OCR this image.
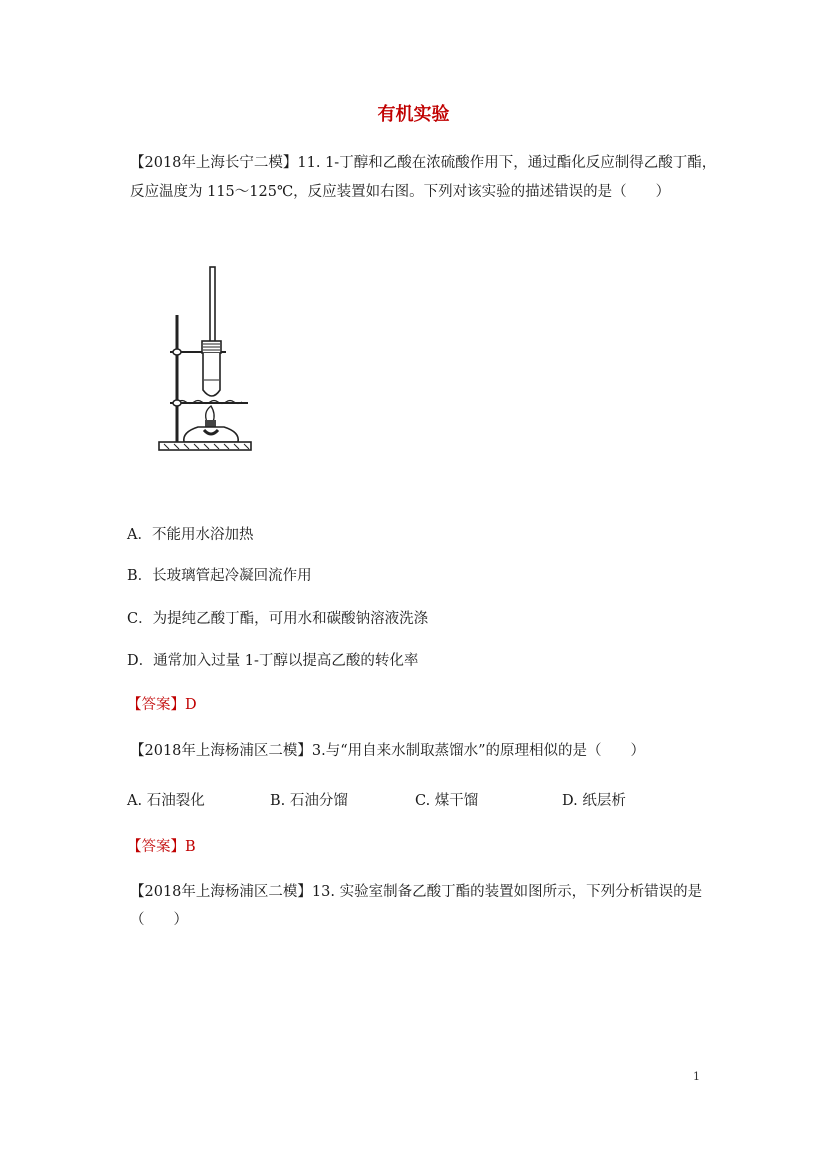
有机实验
【2018年上海长宁二模】11. 1-丁醇和乙酸在浓硫酸作用下，通过酯化反应制得乙酸丁酯，
反应温度为 115～125℃，反应装置如右图。下列对该实验的描述错误的是（　　）
A．不能用水浴加热
B．长玻璃管起冷凝回流作用
C．为提纯乙酸丁酯，可用水和碳酸钠溶液洗涤
D．通常加入过量 1-丁醇以提高乙酸的转化率
【答案】D
【2018年上海杨浦区二模】3.与“用自来水制取蒸馏水”的原理相似的是（　　）
A. 石油裂化	B. 石油分馏	C. 煤干馏	D. 纸层析
【答案】B
【2018年上海杨浦区二模】13. 实验室制备乙酸丁酯的装置如图所示，下列分析错误的是
（　　）
1
